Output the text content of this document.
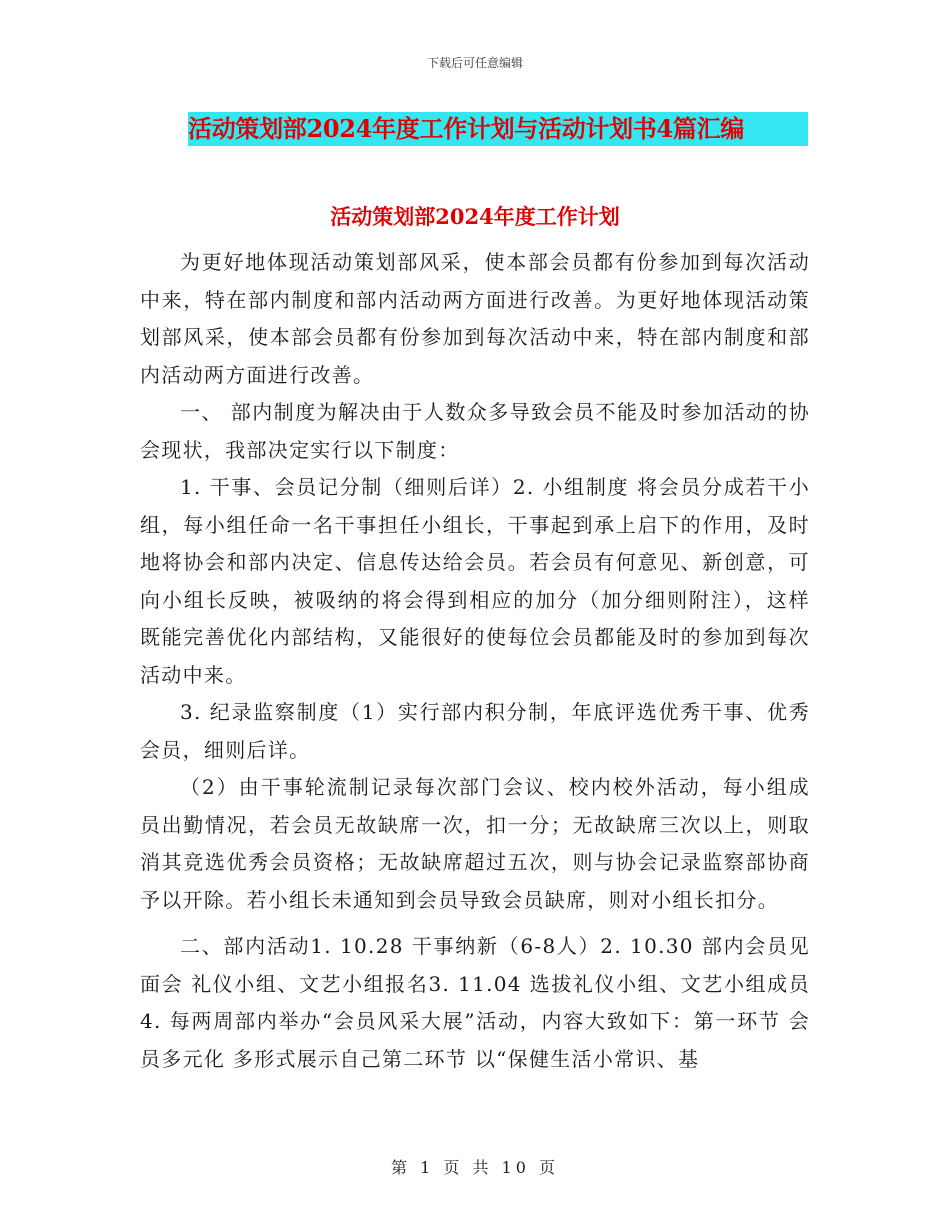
下载后可任意编辑
活动策划部2024年度工作计划与活动计划书4篇汇编
活动策划部2024年度工作计划

为更好地体现活动策划部风采，使本部会员都有份参加到每次活动中来，特在部内制度和部内活动两方面进行改善。为更好地体现活动策划部风采，使本部会员都有份参加到每次活动中来，特在部内制度和部内活动两方面进行改善。

一、 部内制度为解决由于人数众多导致会员不能及时参加活动的协会现状，我部决定实行以下制度：

1. 干事、会员记分制（细则后详）2. 小组制度 将会员分成若干小组，每小组任命一名干事担任小组长，干事起到承上启下的作用，及时地将协会和部内决定、信息传达给会员。若会员有何意见、新创意，可向小组长反映，被吸纳的将会得到相应的加分（加分细则附注），这样既能完善优化内部结构，又能很好的使每位会员都能及时的参加到每次活动中来。

3. 纪录监察制度（1）实行部内积分制，年底评选优秀干事、优秀会员，细则后详。

（2）由干事轮流制记录每次部门会议、校内校外活动，每小组成员出勤情况，若会员无故缺席一次，扣一分；无故缺席三次以上，则取消其竞选优秀会员资格；无故缺席超过五次，则与协会记录监察部协商予以开除。若小组长未通知到会员导致会员缺席，则对小组长扣分。

二、部内活动1. 10.28 干事纳新（6-8人）2. 10.30 部内会员见面会 礼仪小组、文艺小组报名3. 11.04 选拔礼仪小组、文艺小组成员4. 每两周部内举办“会员风采大展”活动，内容大致如下：第一环节 会员多元化 多形式展示自己第二环节 以“保健生活小常识、基

第 1 页 共 10 页
